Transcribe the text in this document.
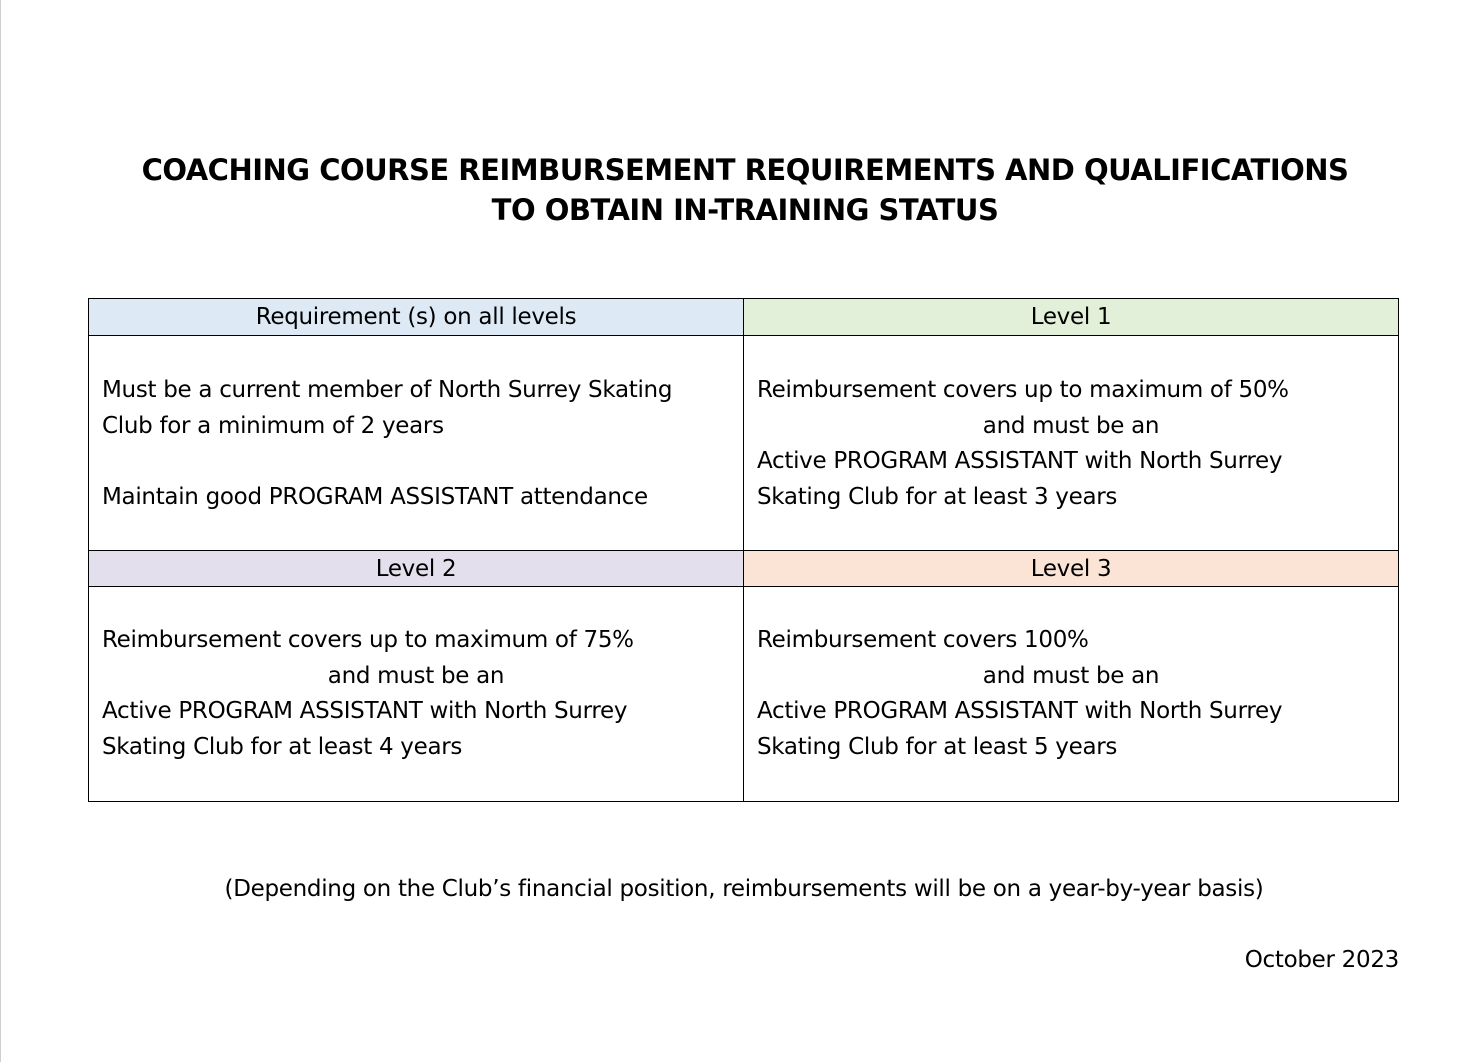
COACHING COURSE REIMBURSEMENT REQUIREMENTS AND QUALIFICATIONS
TO OBTAIN IN-TRAINING STATUS
Requirement (s) on all levels	Level 1
Must be a current member of North Surrey Skating
Club for a minimum of 2 years

Maintain good PROGRAM ASSISTANT attendance
Reimbursement covers up to maximum of 50%
and must be an
Active PROGRAM ASSISTANT with North Surrey
Skating Club for at least 3 years
Level 2	Level 3
Reimbursement covers up to maximum of 75%
and must be an
Active PROGRAM ASSISTANT with North Surrey
Skating Club for at least 4 years
Reimbursement covers 100%
and must be an
Active PROGRAM ASSISTANT with North Surrey
Skating Club for at least 5 years
(Depending on the Club’s financial position, reimbursements will be on a year-by-year basis)
October 2023
